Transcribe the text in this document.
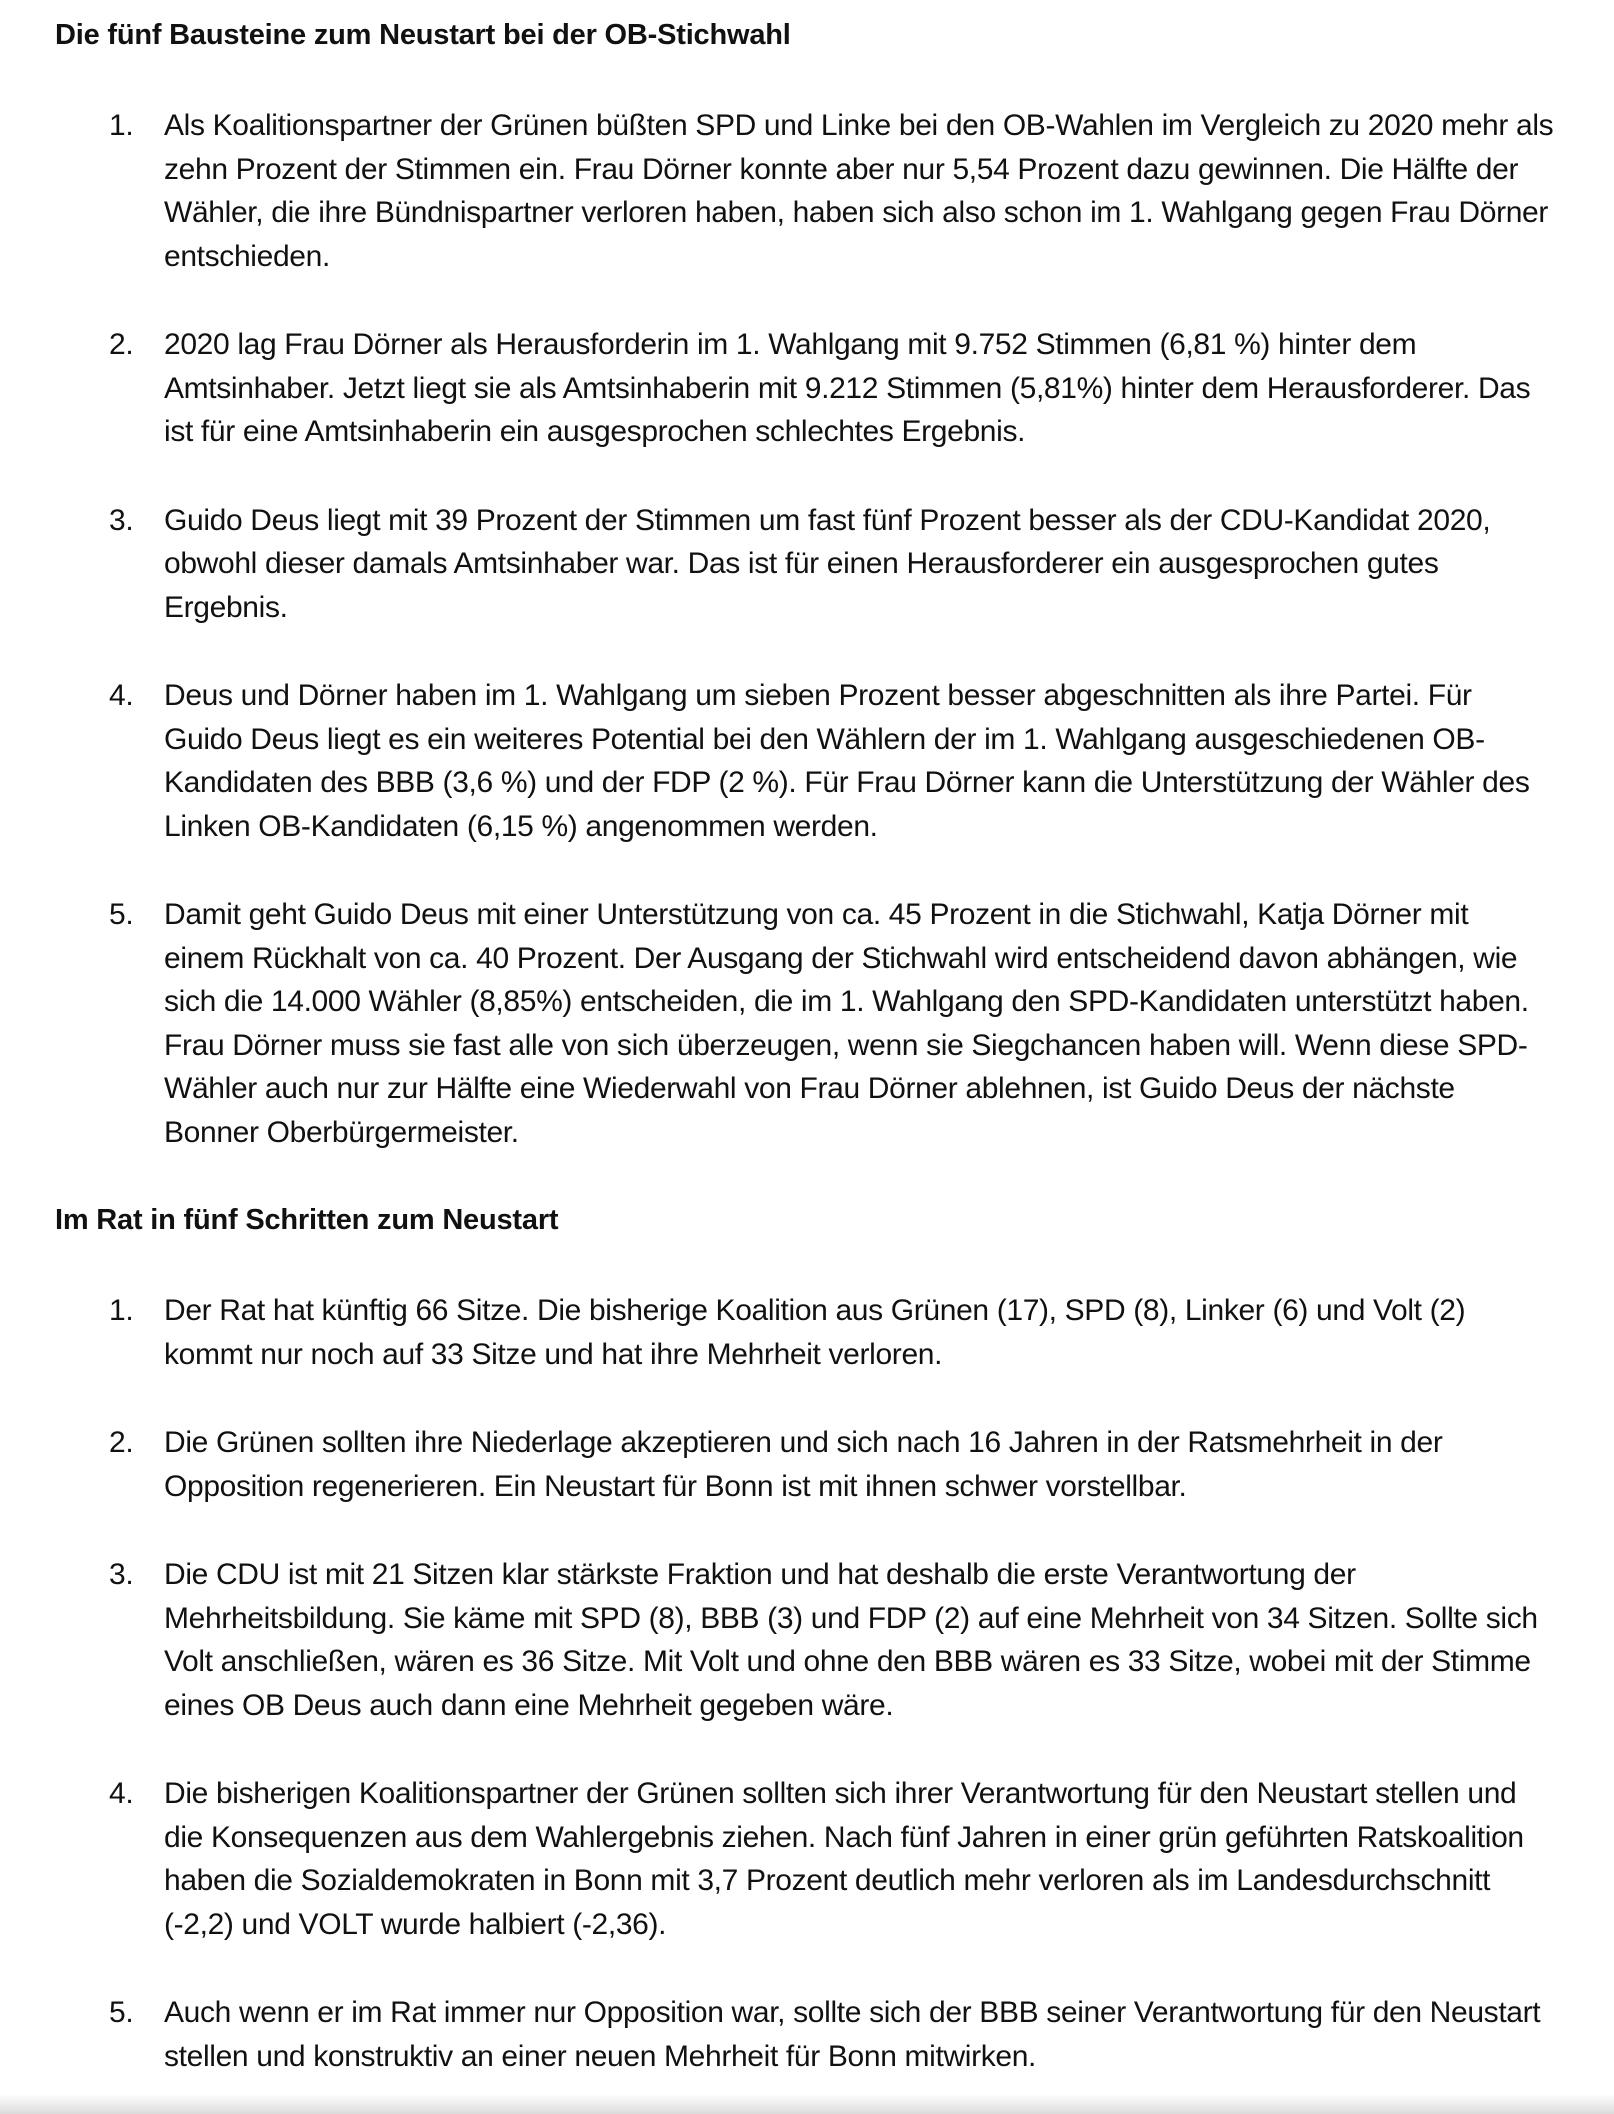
Die fünf Bausteine zum Neustart bei der OB-Stichwahl
1.	Als Koalitionspartner der Grünen büßten SPD und Linke bei den OB-Wahlen im Vergleich zu 2020 mehr als zehn Prozent der Stimmen ein. Frau Dörner konnte aber nur 5,54 Prozent dazu gewinnen. Die Hälfte der Wähler, die ihre Bündnispartner verloren haben, haben sich also schon im 1. Wahlgang gegen Frau Dörner entschieden.
2.	2020 lag Frau Dörner als Herausforderin im 1. Wahlgang mit 9.752 Stimmen (6,81 %) hinter dem Amtsinhaber. Jetzt liegt sie als Amtsinhaberin mit 9.212 Stimmen (5,81%) hinter dem Herausforderer. Das ist für eine Amtsinhaberin ein ausgesprochen schlechtes Ergebnis.
3.	Guido Deus liegt mit 39 Prozent der Stimmen um fast fünf Prozent besser als der CDU-Kandidat 2020, obwohl dieser damals Amtsinhaber war. Das ist für einen Herausforderer ein ausgesprochen gutes Ergebnis.
4.	Deus und Dörner haben im 1. Wahlgang um sieben Prozent besser abgeschnitten als ihre Partei. Für Guido Deus liegt es ein weiteres Potential bei den Wählern der im 1. Wahlgang ausgeschiedenen OB-Kandidaten des BBB (3,6 %) und der FDP (2 %). Für Frau Dörner kann die Unterstützung der Wähler des Linken OB-Kandidaten (6,15 %) angenommen werden.
5.	Damit geht Guido Deus mit einer Unterstützung von ca. 45 Prozent in die Stichwahl, Katja Dörner mit einem Rückhalt von ca. 40 Prozent. Der Ausgang der Stichwahl wird entscheidend davon abhängen, wie sich die 14.000 Wähler (8,85%) entscheiden, die im 1. Wahlgang den SPD-Kandidaten unterstützt haben. Frau Dörner muss sie fast alle von sich überzeugen, wenn sie Siegchancen haben will. Wenn diese SPD-Wähler auch nur zur Hälfte eine Wiederwahl von Frau Dörner ablehnen, ist Guido Deus der nächste Bonner Oberbürgermeister.
Im Rat in fünf Schritten zum Neustart
1.	Der Rat hat künftig 66 Sitze. Die bisherige Koalition aus Grünen (17), SPD (8), Linker (6) und Volt (2) kommt nur noch auf 33 Sitze und hat ihre Mehrheit verloren.
2.	Die Grünen sollten ihre Niederlage akzeptieren und sich nach 16 Jahren in der Ratsmehrheit in der Opposition regenerieren. Ein Neustart für Bonn ist mit ihnen schwer vorstellbar.
3.	Die CDU ist mit 21 Sitzen klar stärkste Fraktion und hat deshalb die erste Verantwortung der Mehrheitsbildung. Sie käme mit SPD (8), BBB (3) und FDP (2) auf eine Mehrheit von 34 Sitzen. Sollte sich Volt anschließen, wären es 36 Sitze. Mit Volt und ohne den BBB wären es 33 Sitze, wobei mit der Stimme eines OB Deus auch dann eine Mehrheit gegeben wäre.
4.	Die bisherigen Koalitionspartner der Grünen sollten sich ihrer Verantwortung für den Neustart stellen und die Konsequenzen aus dem Wahlergebnis ziehen. Nach fünf Jahren in einer grün geführten Ratskoalition haben die Sozialdemokraten in Bonn mit 3,7 Prozent deutlich mehr verloren als im Landesdurchschnitt (-2,2) und VOLT wurde halbiert (-2,36).
5.	Auch wenn er im Rat immer nur Opposition war, sollte sich der BBB seiner Verantwortung für den Neustart stellen und konstruktiv an einer neuen Mehrheit für Bonn mitwirken.
